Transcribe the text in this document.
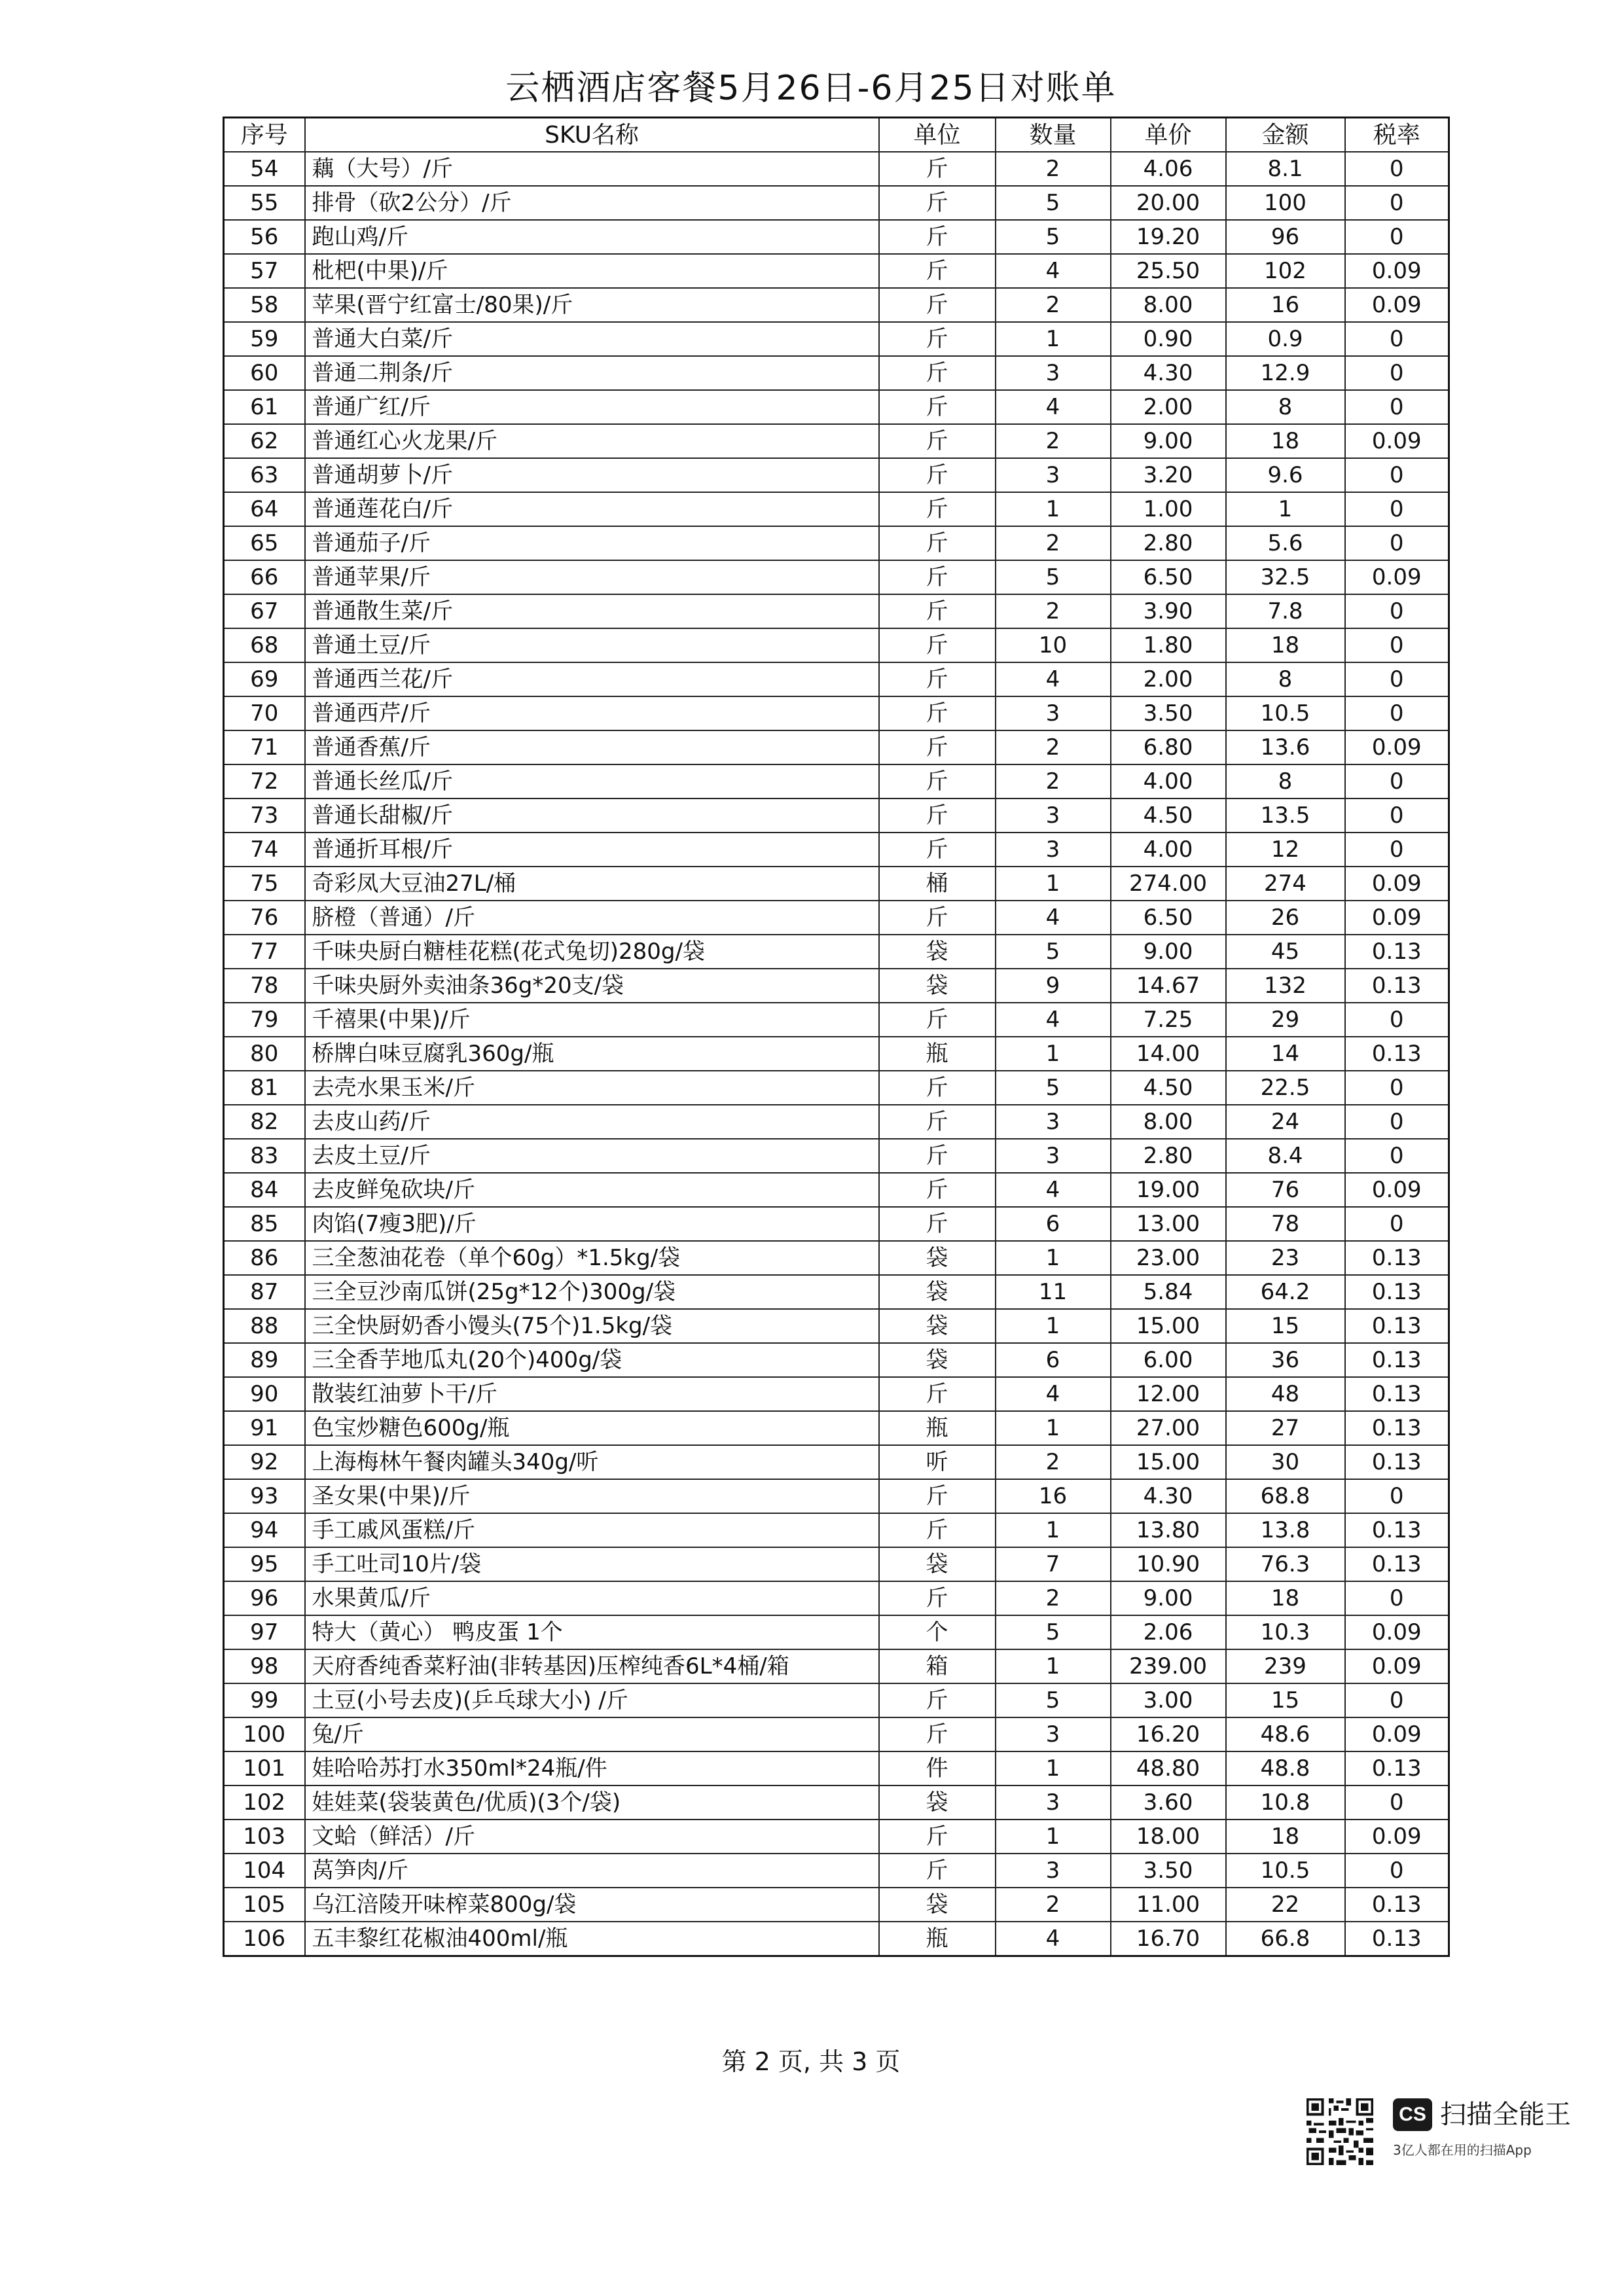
云栖酒店客餐5月26日-6月25日对账单
序号	SKU名称	单位	数量	单价	金额	税率
54	藕（大号）/斤	斤	2	4.06	8.1	0
55	排骨（砍2公分）/斤	斤	5	20.00	100	0
56	跑山鸡/斤	斤	5	19.20	96	0
57	枇杷(中果)/斤	斤	4	25.50	102	0.09
58	苹果(晋宁红富士/80果)/斤	斤	2	8.00	16	0.09
59	普通大白菜/斤	斤	1	0.90	0.9	0
60	普通二荆条/斤	斤	3	4.30	12.9	0
61	普通广红/斤	斤	4	2.00	8	0
62	普通红心火龙果/斤	斤	2	9.00	18	0.09
63	普通胡萝卜/斤	斤	3	3.20	9.6	0
64	普通莲花白/斤	斤	1	1.00	1	0
65	普通茄子/斤	斤	2	2.80	5.6	0
66	普通苹果/斤	斤	5	6.50	32.5	0.09
67	普通散生菜/斤	斤	2	3.90	7.8	0
68	普通土豆/斤	斤	10	1.80	18	0
69	普通西兰花/斤	斤	4	2.00	8	0
70	普通西芹/斤	斤	3	3.50	10.5	0
71	普通香蕉/斤	斤	2	6.80	13.6	0.09
72	普通长丝瓜/斤	斤	2	4.00	8	0
73	普通长甜椒/斤	斤	3	4.50	13.5	0
74	普通折耳根/斤	斤	3	4.00	12	0
75	奇彩凤大豆油27L/桶	桶	1	274.00	274	0.09
76	脐橙（普通）/斤	斤	4	6.50	26	0.09
77	千味央厨白糖桂花糕(花式兔切)280g/袋	袋	5	9.00	45	0.13
78	千味央厨外卖油条36g*20支/袋	袋	9	14.67	132	0.13
79	千禧果(中果)/斤	斤	4	7.25	29	0
80	桥牌白味豆腐乳360g/瓶	瓶	1	14.00	14	0.13
81	去壳水果玉米/斤	斤	5	4.50	22.5	0
82	去皮山药/斤	斤	3	8.00	24	0
83	去皮土豆/斤	斤	3	2.80	8.4	0
84	去皮鲜兔砍块/斤	斤	4	19.00	76	0.09
85	肉馅(7瘦3肥)/斤	斤	6	13.00	78	0
86	三全葱油花卷（单个60g）*1.5kg/袋	袋	1	23.00	23	0.13
87	三全豆沙南瓜饼(25g*12个)300g/袋	袋	11	5.84	64.2	0.13
88	三全快厨奶香小馒头(75个)1.5kg/袋	袋	1	15.00	15	0.13
89	三全香芋地瓜丸(20个)400g/袋	袋	6	6.00	36	0.13
90	散装红油萝卜干/斤	斤	4	12.00	48	0.13
91	色宝炒糖色600g/瓶	瓶	1	27.00	27	0.13
92	上海梅林午餐肉罐头340g/听	听	2	15.00	30	0.13
93	圣女果(中果)/斤	斤	16	4.30	68.8	0
94	手工戚风蛋糕/斤	斤	1	13.80	13.8	0.13
95	手工吐司10片/袋	袋	7	10.90	76.3	0.13
96	水果黄瓜/斤	斤	2	9.00	18	0
97	特大（黄心） 鸭皮蛋 1个	个	5	2.06	10.3	0.09
98	天府香纯香菜籽油(非转基因)压榨纯香6L*4桶/箱	箱	1	239.00	239	0.09
99	土豆(小号去皮)(乒乓球大小) /斤	斤	5	3.00	15	0
100	兔/斤	斤	3	16.20	48.6	0.09
101	娃哈哈苏打水350ml*24瓶/件	件	1	48.80	48.8	0.13
102	娃娃菜(袋装黄色/优质)(3个/袋)	袋	3	3.60	10.8	0
103	文蛤（鲜活）/斤	斤	1	18.00	18	0.09
104	莴笋肉/斤	斤	3	3.50	10.5	0
105	乌江涪陵开味榨菜800g/袋	袋	2	11.00	22	0.13
106	五丰黎红花椒油400ml/瓶	瓶	4	16.70	66.8	0.13
第 2 页, 共 3 页
CS 扫描全能王
3亿人都在用的扫描App
